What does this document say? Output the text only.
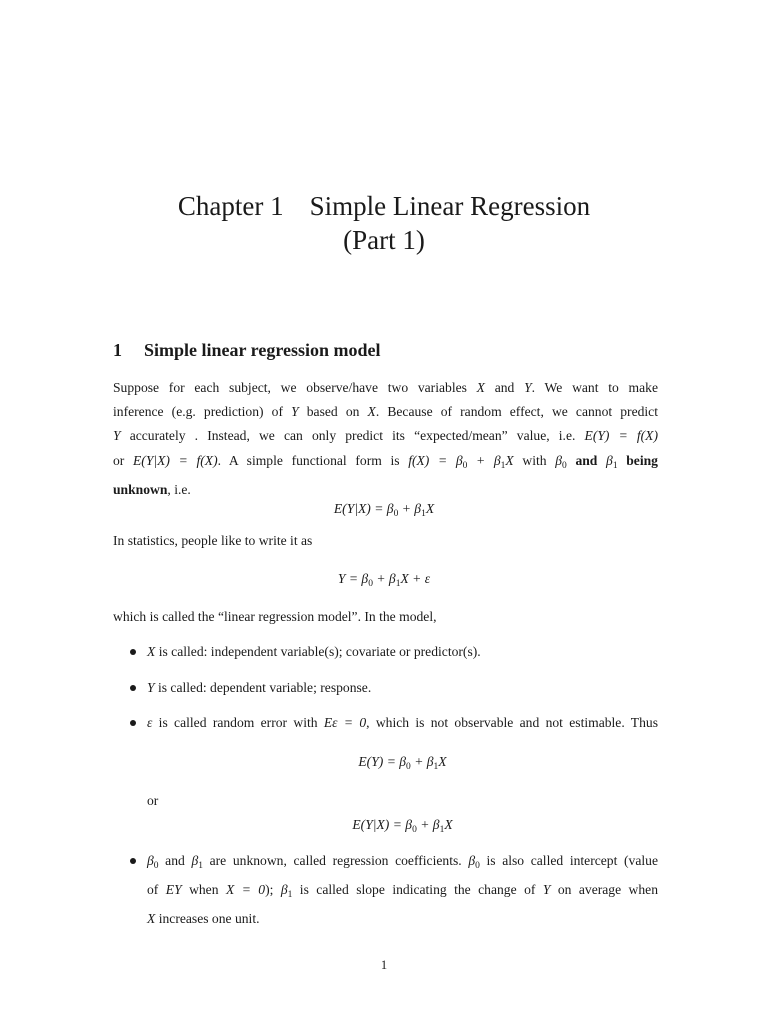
Chapter 1 Simple Linear Regression
(Part 1)
1 Simple linear regression model
Suppose for each subject, we observe/have two variables X and Y. We want to make
inference (e.g. prediction) of Y based on X. Because of random effect, we cannot predict
Y accurately . Instead, we can only predict its “expected/mean” value, i.e. E(Y) = f(X)
or E(Y|X) = f(X). A simple functional form is $f(X) = \beta_0 + \beta_1X$ with $\beta_0$ and $\beta_1$ being
unknown, i.e.
$E(Y|X) = \beta_0 + \beta_1X$
In statistics, people like to write it as
$Y = \beta_0 + \beta_1X + \varepsilon$
which is called the “linear regression model”. In the model,
X is called: independent variable(s); covariate or predictor(s).
Y is called: dependent variable; response.
ε is called random error with Eε = 0, which is not observable and not estimable. Thus
$E(Y) = \beta_0 + \beta_1X$
or
$E(Y|X) = \beta_0 + \beta_1X$
$\beta_0$ and $\beta_1$ are unknown, called regression coefficients. $\beta_0$ is also called intercept (value
of EY when X = 0); $\beta_1$ is called slope indicating the change of Y on average when
X increases one unit.
1
